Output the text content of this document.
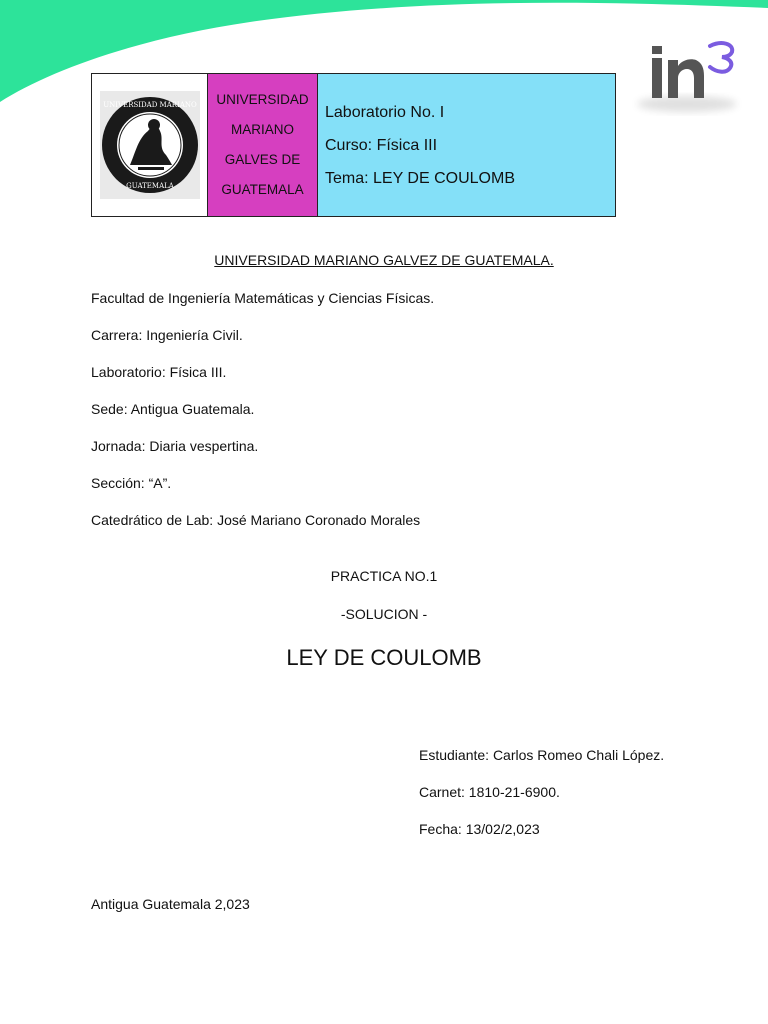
UNIVERSIDAD MARIANO
GUATEMALA
UNIVERSIDAD
MARIANO
GALVES DE
GUATEMALA
Laboratorio No. I
Curso: Física III
Tema: LEY DE COULOMB
UNIVERSIDAD MARIANO GALVEZ DE GUATEMALA.
Facultad de Ingeniería Matemáticas y Ciencias Físicas.
Carrera: Ingeniería Civil.
Laboratorio: Física III.
Sede: Antigua Guatemala.
Jornada: Diaria vespertina.
Sección: “A”.
Catedrático de Lab: José Mariano Coronado Morales
PRACTICA NO.1
-SOLUCION -
LEY DE COULOMB
Estudiante: Carlos Romeo Chali López.
Carnet: 1810-21-6900.
Fecha: 13/02/2,023
Antigua Guatemala 2,023
